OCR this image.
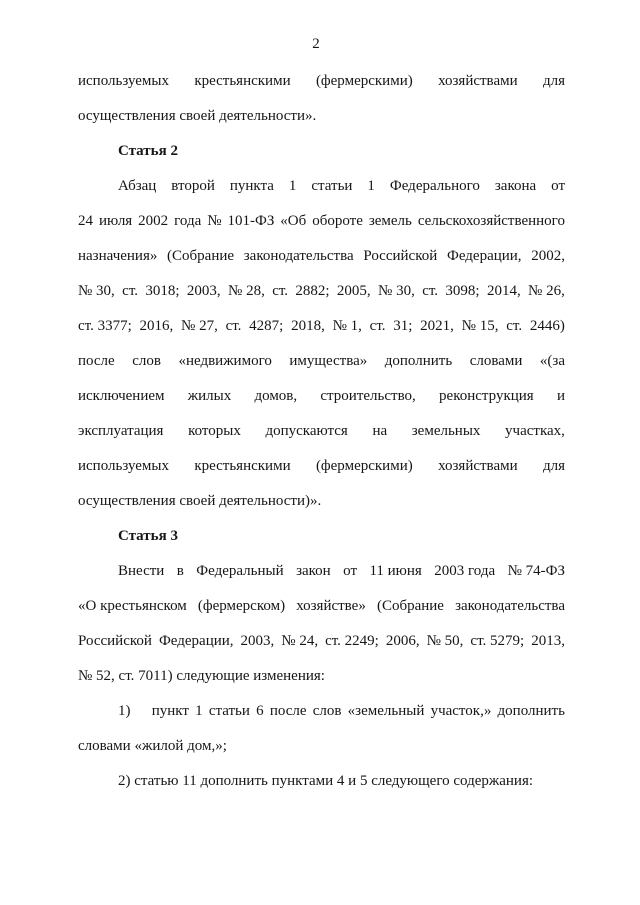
2
используемых крестьянскими (фермерскими) хозяйствами для
осуществления своей деятельности».
Статья 2
Абзац второй пункта 1 статьи 1 Федерального закона от
24 июля 2002 года № 101-ФЗ «Об обороте земель сельскохозяйственного
назначения» (Собрание законодательства Российской Федерации, 2002,
№ 30, ст. 3018; 2003, № 28, ст. 2882; 2005, № 30, ст. 3098; 2014, № 26,
ст. 3377; 2016, № 27, ст. 4287; 2018, № 1, ст. 31; 2021, № 15, ст. 2446)
после слов «недвижимого имущества» дополнить словами «(за
исключением жилых домов, строительство, реконструкция и
эксплуатация которых допускаются на земельных участках,
используемых крестьянскими (фермерскими) хозяйствами для
осуществления своей деятельности)».
Статья 3
Внести в Федеральный закон от 11 июня 2003 года № 74-ФЗ
«О крестьянском (фермерском) хозяйстве» (Собрание законодательства
Российской Федерации, 2003, № 24, ст. 2249; 2006, № 50, ст. 5279; 2013,
№ 52, ст. 7011) следующие изменения:
1) пункт 1 статьи 6 после слов «земельный участок,» дополнить
словами «жилой дом,»;
2) статью 11 дополнить пунктами 4 и 5 следующего содержания:
